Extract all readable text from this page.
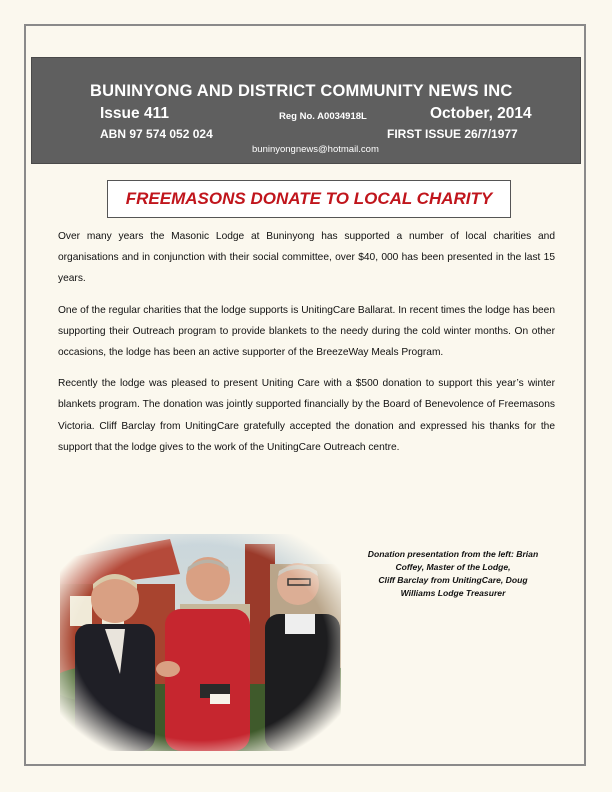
BUNINYONG AND DISTRICT COMMUNITY NEWS INC
Issue 411	Reg No. A0034918L	October, 2014
ABN 97 574 052 024	FIRST ISSUE 26/7/1977
buninyongnews@hotmail.com
FREEMASONS DONATE TO LOCAL CHARITY

Over many years the Masonic Lodge at Buninyong has supported a number of local charities and organisations and in conjunction with their social committee, over $40, 000 has been presented in the last 15 years.

One of the regular charities that the lodge supports is UnitingCare Ballarat. In recent times the lodge has been supporting their Outreach program to provide blankets to the needy during the cold winter months. On other occasions, the lodge has been an active supporter of the BreezeWay Meals Program.

Recently the lodge was pleased to present Uniting Care with a $500 donation to support this year’s winter blankets program. The donation was jointly supported financially by the Board of Benevolence of Freemasons Victoria. Cliff Barclay from UnitingCare gratefully accepted the donation and expressed his thanks for the support that the lodge gives to the work of the UnitingCare Outreach centre.

Donation presentation from the left: Brian
Coffey, Master of the Lodge,
Cliff Barclay from UnitingCare, Doug
Williams Lodge Treasurer
